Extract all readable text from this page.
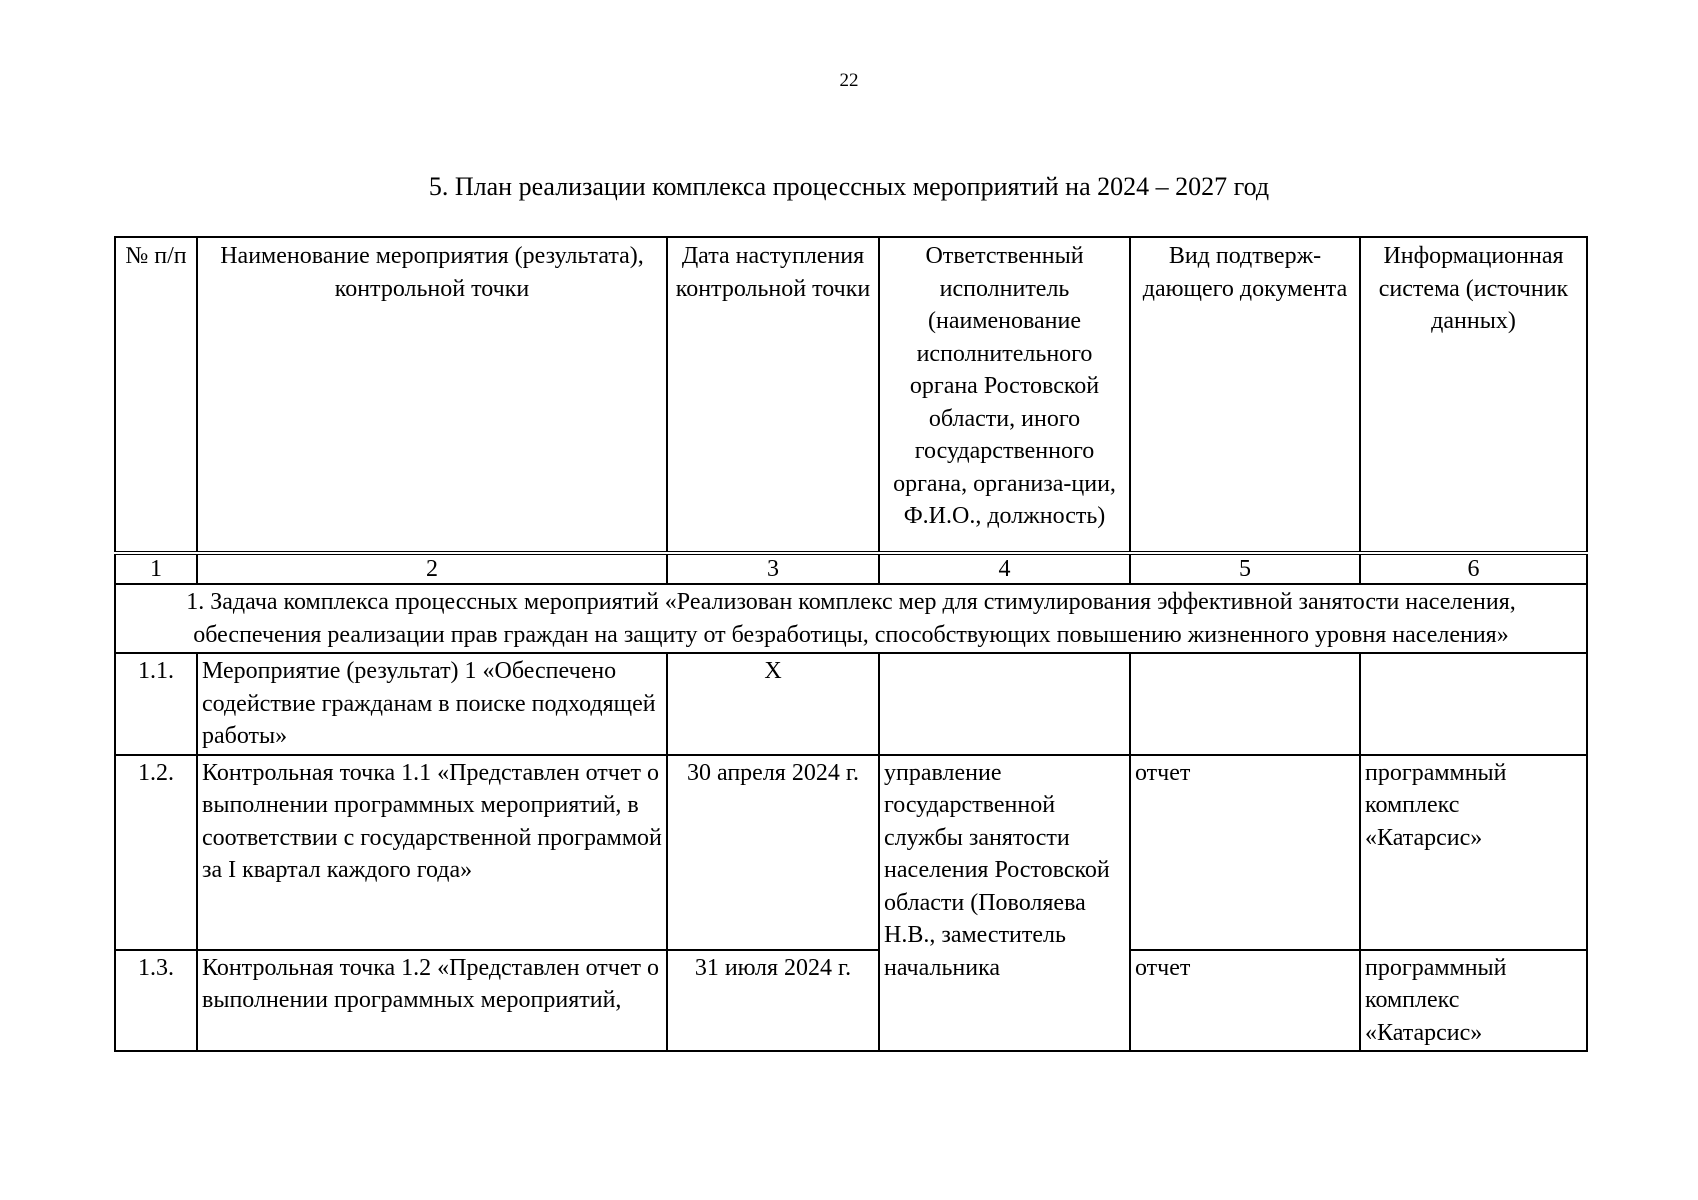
22
5. План реализации комплекса процессных мероприятий на 2024 – 2027 год
№ п/п	Наименование мероприятия (результата), контрольной точки	Дата наступления контрольной точки	Ответственный исполнитель (наименование исполнительного органа Ростовской области, иного государственного органа, организа-ции, Ф.И.О., должность)	Вид подтверж-дающего документа	Информационная система (источник данных)
1	2	3	4	5	6
1. Задача комплекса процессных мероприятий «Реализован комплекс мер для стимулирования эффективной занятости населения, обеспечения реализации прав граждан на защиту от безработицы, способствующих повышению жизненного уровня населения»					
1.1.	Мероприятие (результат) 1 «Обеспечено содействие гражданам в поиске подходящей работы»	X			
1.2.	Контрольная точка 1.1 «Представлен отчет о выполнении программных мероприятий, в соответствии с государственной программой за I квартал каждого года»	30 апреля 2024 г.	управление государственной службы занятости населения Ростовской области (Поволяева Н.В., заместитель начальника	отчет	программный комплекс «Катарсис»
1.3.	Контрольная точка 1.2 «Представлен отчет о выполнении программных мероприятий,	31 июля 2024 г.		отчет	программный комплекс «Катарсис»
